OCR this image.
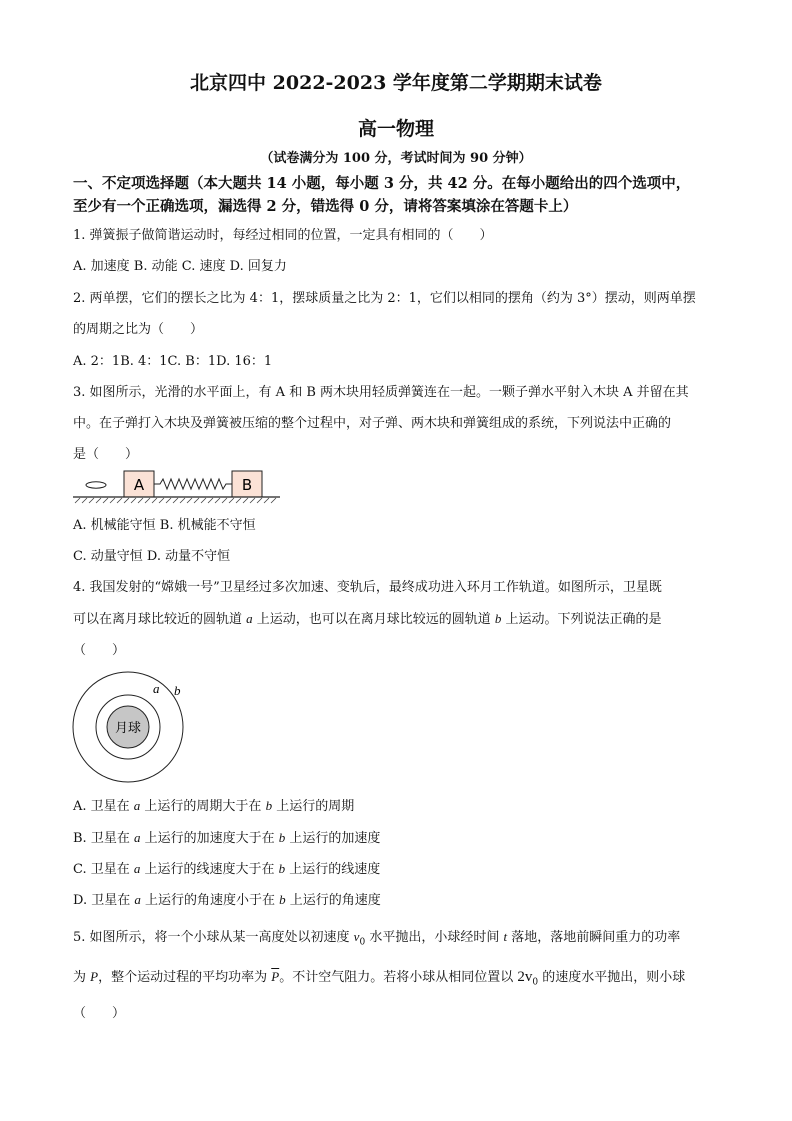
北京四中 2022-2023 学年度第二学期期末试卷
高一物理
（试卷满分为 100 分，考试时间为 90 分钟）
一、不定项选择题（本大题共 14 小题，每小题 3 分，共 42 分。在每小题给出的四个选项中，
至少有一个正确选项，漏选得 2 分，错选得 0 分，请将答案填涂在答题卡上）
1. 弹簧振子做简谐运动时，每经过相同的位置，一定具有相同的（　　）
A. 加速度 B. 动能 C. 速度 D. 回复力
2. 两单摆，它们的摆长之比为 4：1，摆球质量之比为 2：1，它们以相同的摆角（约为 3°）摆动，则两单摆
的周期之比为（　　）
A. 2：1B. 4：1C. B：1D. 16：1
3. 如图所示，光滑的水平面上，有 A 和 B 两木块用轻质弹簧连在一起。一颗子弹水平射入木块 A 并留在其
中。在子弹打入木块及弹簧被压缩的整个过程中，对子弹、两木块和弹簧组成的系统，下列说法中正确的
是（　　）
A	B
A. 机械能守恒 B. 机械能不守恒
C. 动量守恒 D. 动量不守恒
4. 我国发射的“嫦娥一号”卫星经过多次加速、变轨后，最终成功进入环月工作轨道。如图所示，卫星既
可以在离月球比较近的圆轨道 a 上运动，也可以在离月球比较远的圆轨道 b 上运动。下列说法正确的是
（　　）
月球
a b
A. 卫星在 a 上运行的周期大于在 b 上运行的周期
B. 卫星在 a 上运行的加速度大于在 b 上运行的加速度
C. 卫星在 a 上运行的线速度大于在 b 上运行的线速度
D. 卫星在 a 上运行的角速度小于在 b 上运行的角速度
5. 如图所示，将一个小球从某一高度处以初速度 $v_0$ 水平抛出，小球经时间 t 落地，落地前瞬间重力的功率
为 P，整个运动过程的平均功率为 $\overline{P}$。不计空气阻力。若将小球从相同位置以 $2v_0$ 的速度水平抛出，则小球
（　　）
